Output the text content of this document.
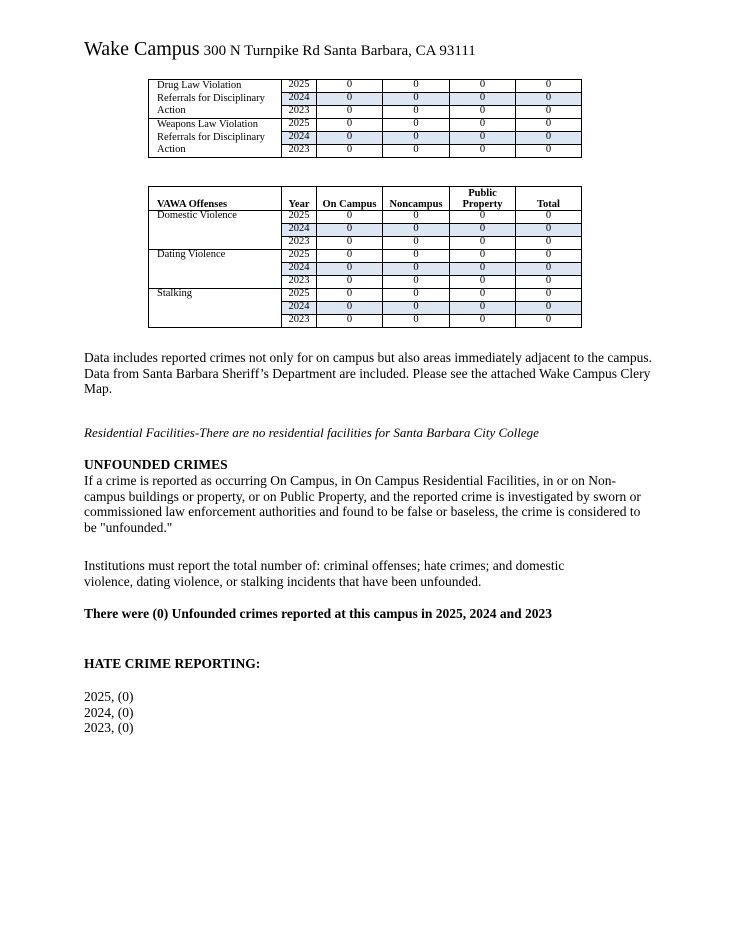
Wake Campus 300 N Turnpike Rd Santa Barbara, CA 93111
Drug Law Violation
Referrals for Disciplinary
Action	2025	0	0	0	0
	2024	0	0	0	0
	2023	0	0	0	0

Weapons Law Violation
Referrals for Disciplinary
Action	2025	0	0	0	0
	2024	0	0	0	0
	2023	0	0	0	0
VAWA Offenses	Year	On Campus	Noncampus	Public Property	Total
Domestic Violence	2025	0	0	0	0
	2024	0	0	0	0
	2023	0	0	0	0
Dating Violence	2025	0	0	0	0
	2024	0	0	0	0
	2023	0	0	0	0
Stalking	2025	0	0	0	0
	2024	0	0	0	0
	2023	0	0	0	0
Data includes reported crimes not only for on campus but also areas immediately adjacent to the campus. Data from Santa Barbara Sheriff’s Department are included. Please see the attached Wake Campus Clery Map.
Residential Facilities-There are no residential facilities for Santa Barbara City College
UNFOUNDED CRIMES
If a crime is reported as occurring On Campus, in On Campus Residential Facilities, in or on Non-campus buildings or property, or on Public Property, and the reported crime is investigated by sworn or commissioned law enforcement authorities and found to be false or baseless, the crime is considered to be "unfounded."
Institutions must report the total number of: criminal offenses; hate crimes; and domestic violence, dating violence, or stalking incidents that have been unfounded.
There were (0) Unfounded crimes reported at this campus in 2025, 2024 and 2023
HATE CRIME REPORTING:
2025, (0)
2024, (0)
2023, (0)
